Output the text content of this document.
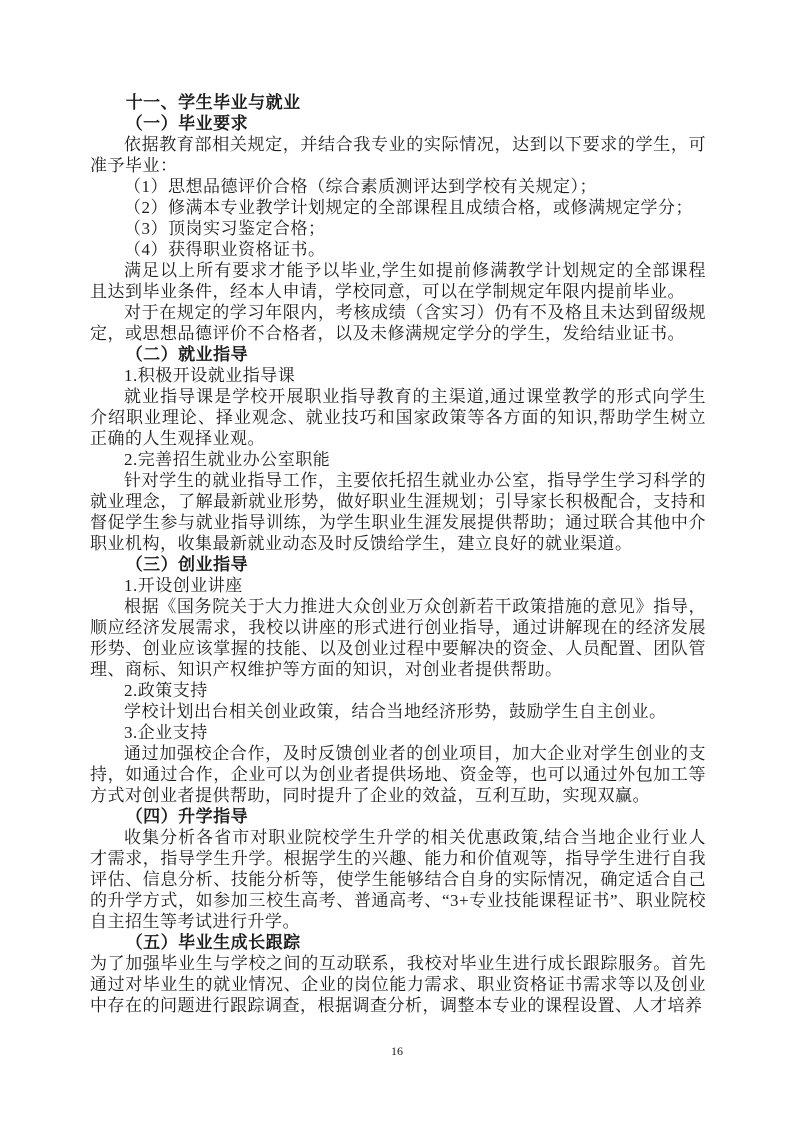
十一、学生毕业与就业

（一）毕业要求

依据教育部相关规定，并结合我专业的实际情况，达到以下要求的学生，可准予毕业：

（1）思想品德评价合格（综合素质测评达到学校有关规定）；

（2）修满本专业教学计划规定的全部课程且成绩合格，或修满规定学分；

（3）顶岗实习鉴定合格；

（4）获得职业资格证书。

满足以上所有要求才能予以毕业,学生如提前修满教学计划规定的全部课程且达到毕业条件，经本人申请，学校同意，可以在学制规定年限内提前毕业。

对于在规定的学习年限内，考核成绩（含实习）仍有不及格且未达到留级规定，或思想品德评价不合格者，以及未修满规定学分的学生，发给结业证书。

（二）就业指导

1.积极开设就业指导课

就业指导课是学校开展职业指导教育的主渠道,通过课堂教学的形式向学生介绍职业理论、择业观念、就业技巧和国家政策等各方面的知识,帮助学生树立正确的人生观择业观。

2.完善招生就业办公室职能

针对学生的就业指导工作，主要依托招生就业办公室，指导学生学习科学的就业理念，了解最新就业形势，做好职业生涯规划；引导家长积极配合，支持和督促学生参与就业指导训练，为学生职业生涯发展提供帮助；通过联合其他中介职业机构，收集最新就业动态及时反馈给学生，建立良好的就业渠道。

（三）创业指导

1.开设创业讲座

根据《国务院关于大力推进大众创业万众创新若干政策措施的意见》指导，顺应经济发展需求，我校以讲座的形式进行创业指导，通过讲解现在的经济发展形势、创业应该掌握的技能、以及创业过程中要解决的资金、人员配置、团队管理、商标、知识产权维护等方面的知识，对创业者提供帮助。

2.政策支持

学校计划出台相关创业政策，结合当地经济形势，鼓励学生自主创业。

3.企业支持

通过加强校企合作，及时反馈创业者的创业项目，加大企业对学生创业的支持，如通过合作，企业可以为创业者提供场地、资金等，也可以通过外包加工等方式对创业者提供帮助，同时提升了企业的效益，互利互助，实现双赢。

（四）升学指导

收集分析各省市对职业院校学生升学的相关优惠政策,结合当地企业行业人才需求，指导学生升学。根据学生的兴趣、能力和价值观等，指导学生进行自我评估、信息分析、技能分析等，使学生能够结合自身的实际情况，确定适合自己的升学方式，如参加三校生高考、普通高考、“3+专业技能课程证书”、职业院校自主招生等考试进行升学。

（五）毕业生成长跟踪

为了加强毕业生与学校之间的互动联系，我校对毕业生进行成长跟踪服务。首先通过对毕业生的就业情况、企业的岗位能力需求、职业资格证书需求等以及创业中存在的问题进行跟踪调查，根据调查分析，调整本专业的课程设置、人才培养

16
